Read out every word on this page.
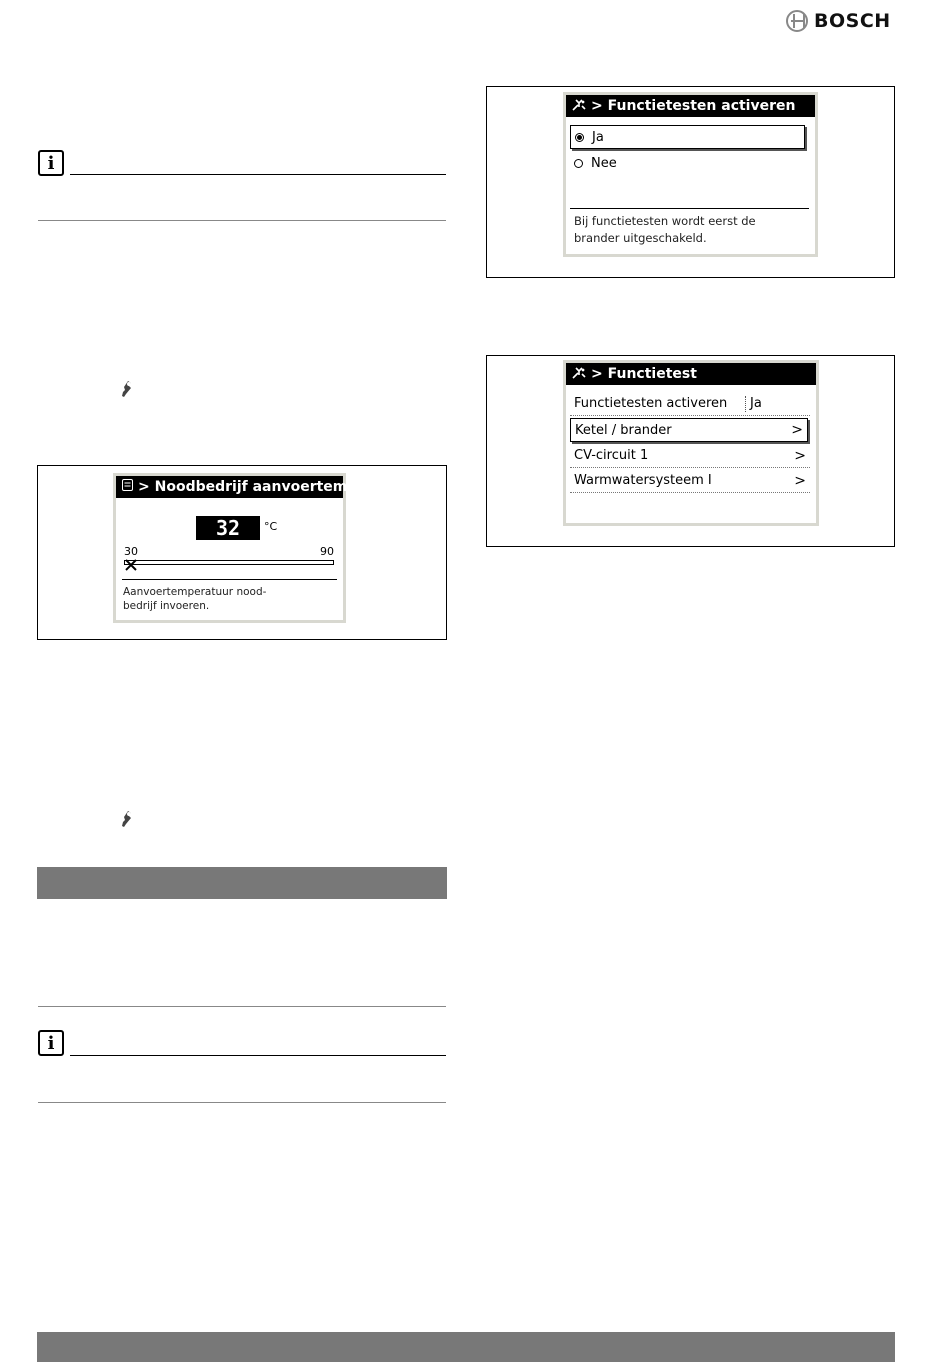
BOSCH
i
> Noodbedrijf aanvoertemp.
32	°C
30	90
Aanvoertemperatuur nood-
bedrijf invoeren.
i
> Functietesten activeren
Ja
Nee
Bij functietesten wordt eerst de
brander uitgeschakeld.
> Functietest
Functietesten activeren Ja
Ketel / brander	>
CV-circuit 1	>
Warmwatersysteem I	>
